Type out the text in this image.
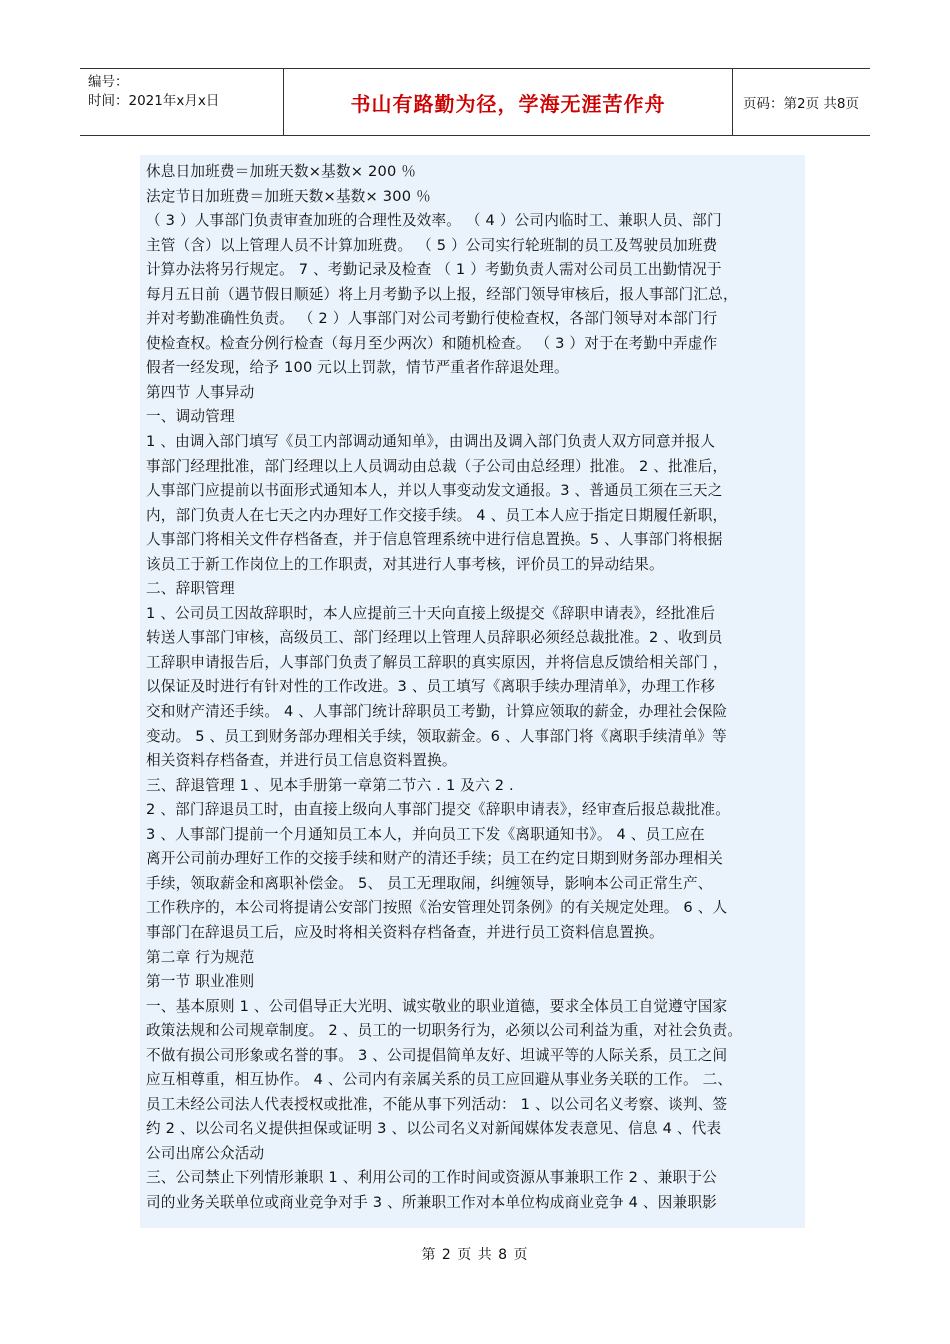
编号：
时间：2021年x月x日	书山有路勤为径，学海无涯苦作舟	页码：第2页 共8页

休息日加班费＝加班天数×基数× 200 ％

法定节日加班费＝加班天数×基数× 300 ％

（ 3 ）人事部门负责审查加班的合理性及效率。 （ 4 ）公司内临时工、兼职人员、部门

主管（含）以上管理人员不计算加班费。 （ 5 ）公司实行轮班制的员工及驾驶员加班费

计算办法将另行规定。 7 、考勤记录及检查 （ 1 ）考勤负责人需对公司员工出勤情况于

每月五日前（遇节假日顺延）将上月考勤予以上报，经部门领导审核后，报人事部门汇总，

并对考勤准确性负责。 （ 2 ）人事部门对公司考勤行使检查权，各部门领导对本部门行

使检查权。检查分例行检查（每月至少两次）和随机检查。 （ 3 ）对于在考勤中弄虚作

假者一经发现，给予 100 元以上罚款，情节严重者作辞退处理。

第四节 人事异动

一、调动管理

1 、由调入部门填写《员工内部调动通知单》，由调出及调入部门负责人双方同意并报人

事部门经理批准，部门经理以上人员调动由总裁（子公司由总经理）批准。 2 、批准后，

人事部门应提前以书面形式通知本人，并以人事变动发文通报。3 、普通员工须在三天之

内，部门负责人在七天之内办理好工作交接手续。 4 、员工本人应于指定日期履任新职，

人事部门将相关文件存档备查，并于信息管理系统中进行信息置换。5 、人事部门将根据

该员工于新工作岗位上的工作职责，对其进行人事考核，评价员工的异动结果。

二、辞职管理

1 、公司员工因故辞职时，本人应提前三十天向直接上级提交《辞职申请表》，经批准后

转送人事部门审核，高级员工、部门经理以上管理人员辞职必须经总裁批准。2 、收到员

工辞职申请报告后，人事部门负责了解员工辞职的真实原因，并将信息反馈给相关部门 ，

以保证及时进行有针对性的工作改进。3 、员工填写《离职手续办理清单》，办理工作移

交和财产清还手续。 4 、人事部门统计辞职员工考勤，计算应领取的薪金，办理社会保险

变动。 5 、员工到财务部办理相关手续，领取薪金。6 、人事部门将《离职手续清单》等

相关资料存档备查，并进行员工信息资料置换。

三、辞退管理 1 、见本手册第一章第二节六 . 1 及六 2 .

2 、部门辞退员工时，由直接上级向人事部门提交《辞职申请表》，经审查后报总裁批准。

3 、人事部门提前一个月通知员工本人，并向员工下发《离职通知书》。 4 、员工应在

离开公司前办理好工作的交接手续和财产的清还手续；员工在约定日期到财务部办理相关

手续，领取薪金和离职补偿金。 5、 员工无理取闹，纠缠领导，影响本公司正常生产、

工作秩序的，本公司将提请公安部门按照《治安管理处罚条例》的有关规定处理。 6 、人

事部门在辞退员工后，应及时将相关资料存档备查，并进行员工资料信息置换。

第二章 行为规范

第一节 职业准则

一、基本原则 1 、公司倡导正大光明、诚实敬业的职业道德，要求全体员工自觉遵守国家

政策法规和公司规章制度。 2 、员工的一切职务行为，必须以公司利益为重，对社会负责。

不做有损公司形象或名誉的事。 3 、公司提倡简单友好、坦诚平等的人际关系，员工之间

应互相尊重，相互协作。 4 、公司内有亲属关系的员工应回避从事业务关联的工作。 二、

员工未经公司法人代表授权或批准，不能从事下列活动： 1 、以公司名义考察、谈判、签

约 2 、以公司名义提供担保或证明 3 、以公司名义对新闻媒体发表意见、信息 4 、代表

公司出席公众活动

三、公司禁止下列情形兼职 1 、利用公司的工作时间或资源从事兼职工作 2 、兼职于公

司的业务关联单位或商业竞争对手 3 、所兼职工作对本单位构成商业竞争 4 、因兼职影

第 2 页 共 8 页
